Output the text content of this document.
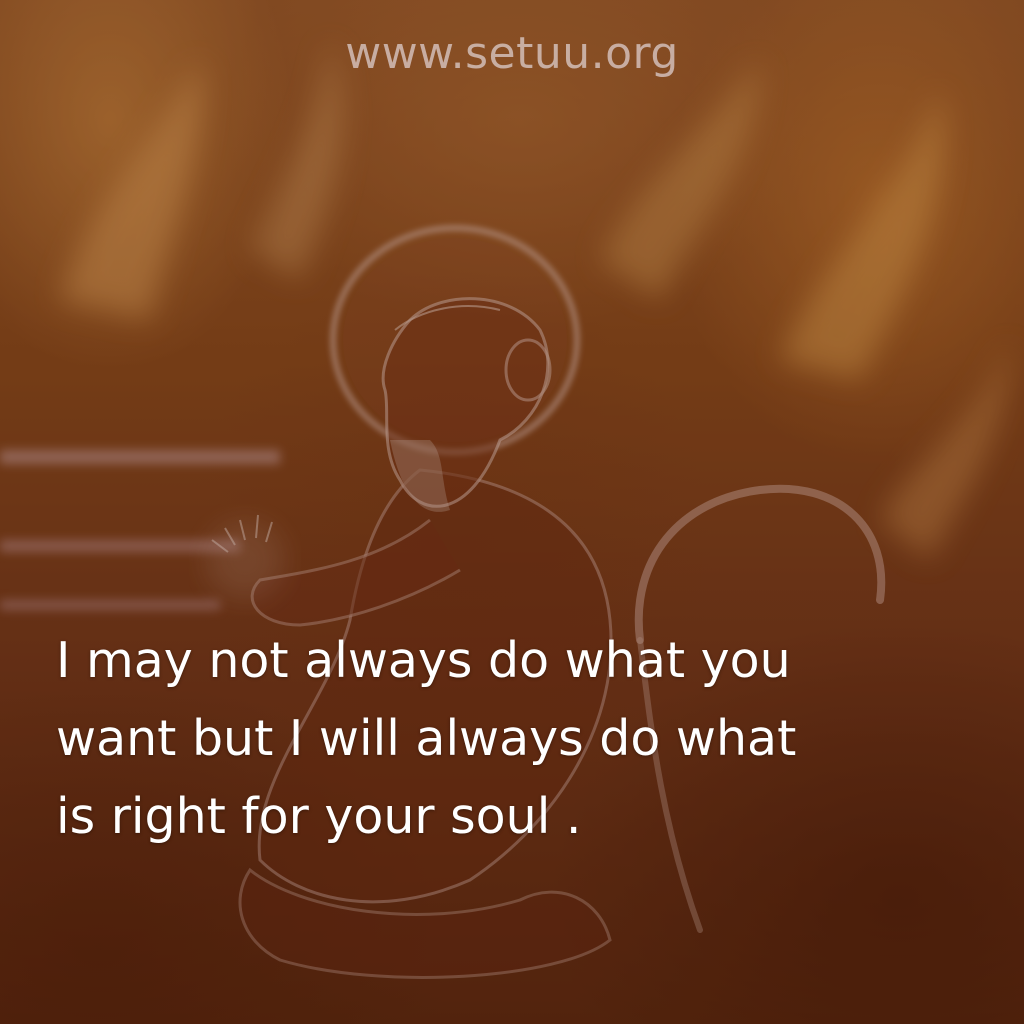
www.setuu.org

I may not always do what you
want but I will always do what
is right for your soul .
